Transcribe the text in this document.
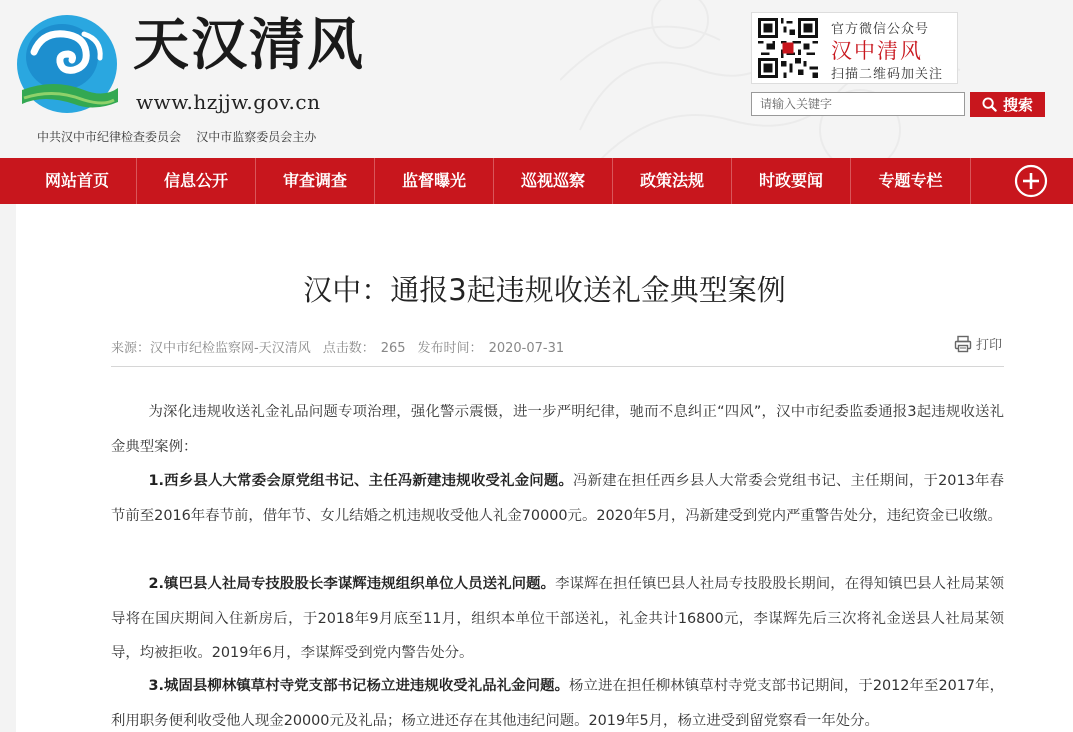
天汉清风
www.hzjjw.gov.cn
中共汉中市纪律检查委员会    汉中市监察委员会主办
官方微信公众号
汉中清风
扫描二维码加关注
请输入关键字
搜索
网站首页	信息公开	审查调查	监督曝光	巡视巡察	政策法规	时政要闻	专题专栏
汉中：通报3起违规收送礼金典型案例
来源：汉中市纪检监察网-天汉清风 点击数： 265 发布时间： 2020-07-31	打印

为深化违规收送礼金礼品问题专项治理，强化警示震慑，进一步严明纪律，驰而不息纠正“四风”，汉中市纪委监委通报3起违规收送礼金典型案例：

1.西乡县人大常委会原党组书记、主任冯新建违规收受礼金问题。冯新建在担任西乡县人大常委会党组书记、主任期间，于2013年春节前至2016年春节前，借年节、女儿结婚之机违规收受他人礼金70000元。2020年5月，冯新建受到党内严重警告处分，违纪资金已收缴。

2.镇巴县人社局专技股股长李谋辉违规组织单位人员送礼问题。李谋辉在担任镇巴县人社局专技股股长期间，在得知镇巴县人社局某领导将在国庆期间入住新房后，于2018年9月底至11月，组织本单位干部送礼，礼金共计16800元，李谋辉先后三次将礼金送县人社局某领导，均被拒收。2019年6月，李谋辉受到党内警告处分。

3.城固县柳林镇草村寺党支部书记杨立进违规收受礼品礼金问题。杨立进在担任柳林镇草村寺党支部书记期间，于2012年至2017年，利用职务便利收受他人现金20000元及礼品；杨立进还存在其他违纪问题。2019年5月，杨立进受到留党察看一年处分。
